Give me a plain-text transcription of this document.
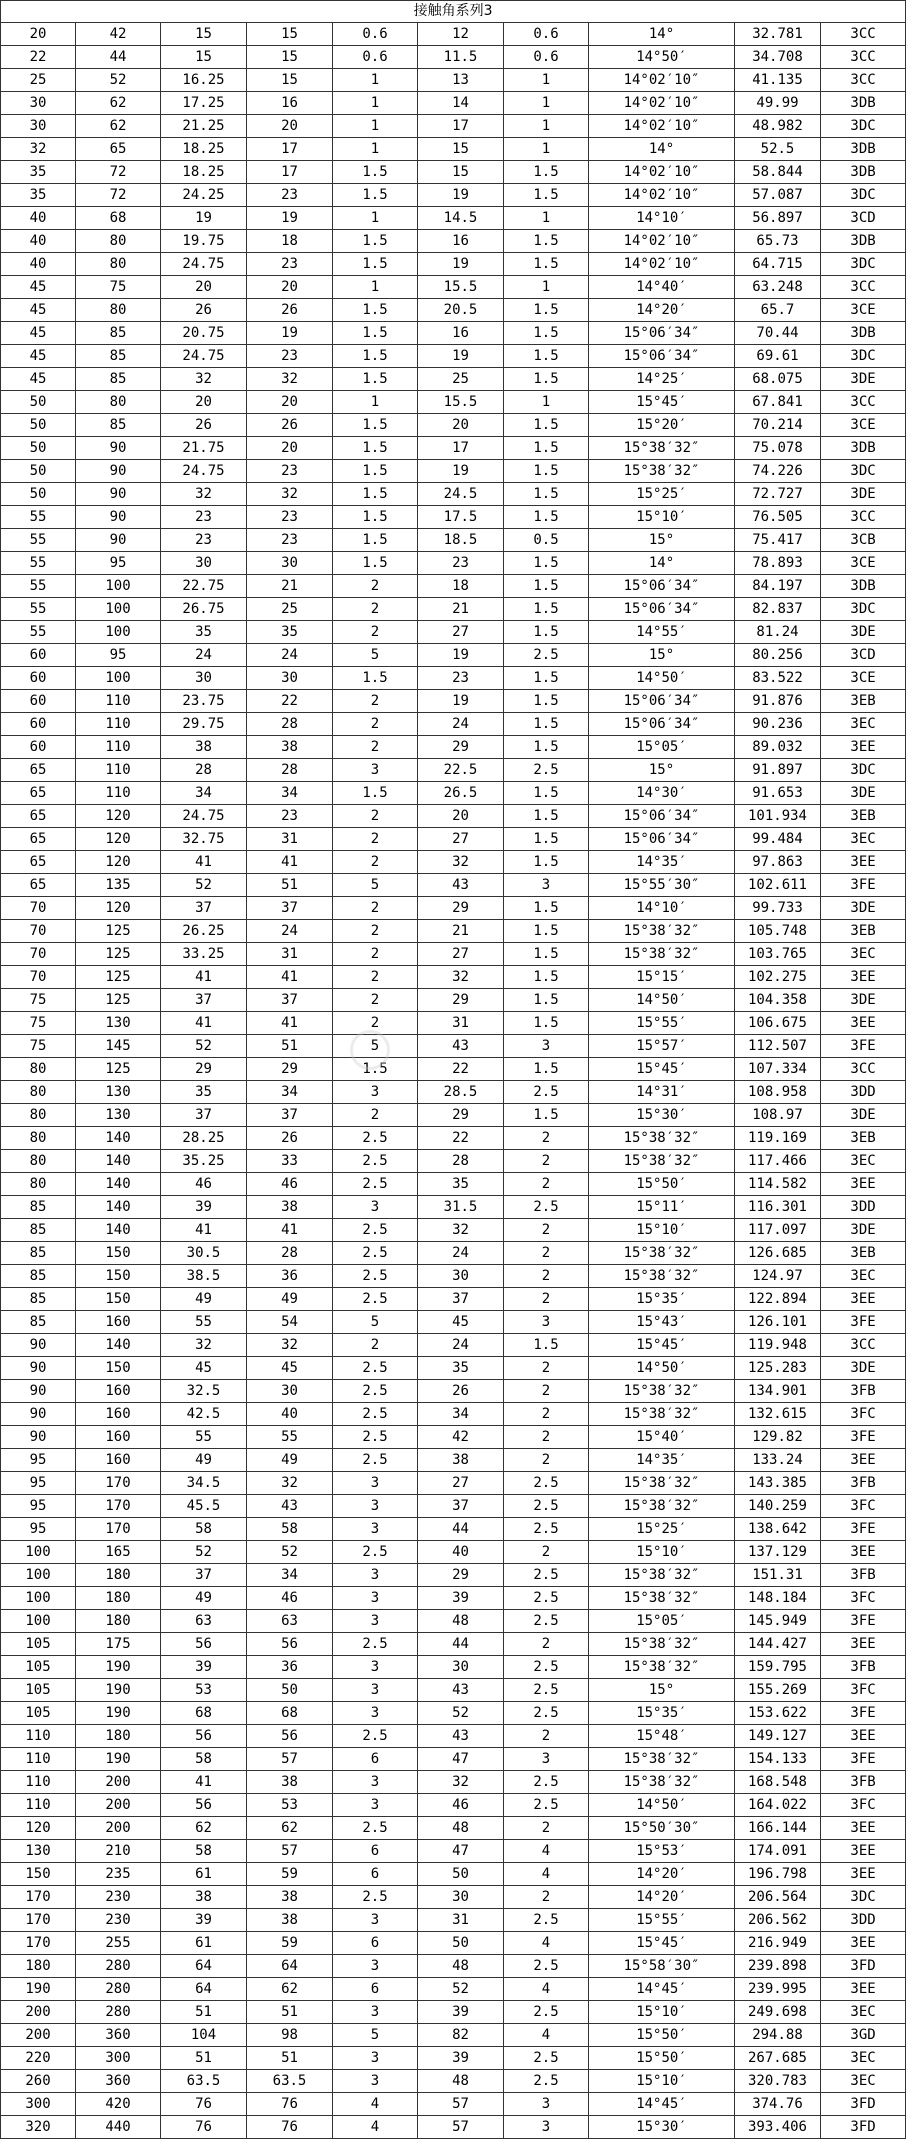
接触角系列3									
20	42	15	15	0.6	12	0.6	14°	32.781	3CC
22	44	15	15	0.6	11.5	0.6	14°50′	34.708	3CC
25	52	16.25	15	1	13	1	14°02′10″	41.135	3CC
30	62	17.25	16	1	14	1	14°02′10″	49.99	3DB
30	62	21.25	20	1	17	1	14°02′10″	48.982	3DC
32	65	18.25	17	1	15	1	14°	52.5	3DB
35	72	18.25	17	1.5	15	1.5	14°02′10″	58.844	3DB
35	72	24.25	23	1.5	19	1.5	14°02′10″	57.087	3DC
40	68	19	19	1	14.5	1	14°10′	56.897	3CD
40	80	19.75	18	1.5	16	1.5	14°02′10″	65.73	3DB
40	80	24.75	23	1.5	19	1.5	14°02′10″	64.715	3DC
45	75	20	20	1	15.5	1	14°40′	63.248	3CC
45	80	26	26	1.5	20.5	1.5	14°20′	65.7	3CE
45	85	20.75	19	1.5	16	1.5	15°06′34″	70.44	3DB
45	85	24.75	23	1.5	19	1.5	15°06′34″	69.61	3DC
45	85	32	32	1.5	25	1.5	14°25′	68.075	3DE
50	80	20	20	1	15.5	1	15°45′	67.841	3CC
50	85	26	26	1.5	20	1.5	15°20′	70.214	3CE
50	90	21.75	20	1.5	17	1.5	15°38′32″	75.078	3DB
50	90	24.75	23	1.5	19	1.5	15°38′32″	74.226	3DC
50	90	32	32	1.5	24.5	1.5	15°25′	72.727	3DE
55	90	23	23	1.5	17.5	1.5	15°10′	76.505	3CC
55	90	23	23	1.5	18.5	0.5	15°	75.417	3CB
55	95	30	30	1.5	23	1.5	14°	78.893	3CE
55	100	22.75	21	2	18	1.5	15°06′34″	84.197	3DB
55	100	26.75	25	2	21	1.5	15°06′34″	82.837	3DC
55	100	35	35	2	27	1.5	14°55′	81.24	3DE
60	95	24	24	5	19	2.5	15°	80.256	3CD
60	100	30	30	1.5	23	1.5	14°50′	83.522	3CE
60	110	23.75	22	2	19	1.5	15°06′34″	91.876	3EB
60	110	29.75	28	2	24	1.5	15°06′34″	90.236	3EC
60	110	38	38	2	29	1.5	15°05′	89.032	3EE
65	110	28	28	3	22.5	2.5	15°	91.897	3DC
65	110	34	34	1.5	26.5	1.5	14°30′	91.653	3DE
65	120	24.75	23	2	20	1.5	15°06′34″	101.934	3EB
65	120	32.75	31	2	27	1.5	15°06′34″	99.484	3EC
65	120	41	41	2	32	1.5	14°35′	97.863	3EE
65	135	52	51	5	43	3	15°55′30″	102.611	3FE
70	120	37	37	2	29	1.5	14°10′	99.733	3DE
70	125	26.25	24	2	21	1.5	15°38′32″	105.748	3EB
70	125	33.25	31	2	27	1.5	15°38′32″	103.765	3EC
70	125	41	41	2	32	1.5	15°15′	102.275	3EE
75	125	37	37	2	29	1.5	14°50′	104.358	3DE
75	130	41	41	2	31	1.5	15°55′	106.675	3EE
75	145	52	51	5	43	3	15°57′	112.507	3FE
80	125	29	29	1.5	22	1.5	15°45′	107.334	3CC
80	130	35	34	3	28.5	2.5	14°31′	108.958	3DD
80	130	37	37	2	29	1.5	15°30′	108.97	3DE
80	140	28.25	26	2.5	22	2	15°38′32″	119.169	3EB
80	140	35.25	33	2.5	28	2	15°38′32″	117.466	3EC
80	140	46	46	2.5	35	2	15°50′	114.582	3EE
85	140	39	38	3	31.5	2.5	15°11′	116.301	3DD
85	140	41	41	2.5	32	2	15°10′	117.097	3DE
85	150	30.5	28	2.5	24	2	15°38′32″	126.685	3EB
85	150	38.5	36	2.5	30	2	15°38′32″	124.97	3EC
85	150	49	49	2.5	37	2	15°35′	122.894	3EE
85	160	55	54	5	45	3	15°43′	126.101	3FE
90	140	32	32	2	24	1.5	15°45′	119.948	3CC
90	150	45	45	2.5	35	2	14°50′	125.283	3DE
90	160	32.5	30	2.5	26	2	15°38′32″	134.901	3FB
90	160	42.5	40	2.5	34	2	15°38′32″	132.615	3FC
90	160	55	55	2.5	42	2	15°40′	129.82	3FE
95	160	49	49	2.5	38	2	14°35′	133.24	3EE
95	170	34.5	32	3	27	2.5	15°38′32″	143.385	3FB
95	170	45.5	43	3	37	2.5	15°38′32″	140.259	3FC
95	170	58	58	3	44	2.5	15°25′	138.642	3FE
100	165	52	52	2.5	40	2	15°10′	137.129	3EE
100	180	37	34	3	29	2.5	15°38′32″	151.31	3FB
100	180	49	46	3	39	2.5	15°38′32″	148.184	3FC
100	180	63	63	3	48	2.5	15°05′	145.949	3FE
105	175	56	56	2.5	44	2	15°38′32″	144.427	3EE
105	190	39	36	3	30	2.5	15°38′32″	159.795	3FB
105	190	53	50	3	43	2.5	15°	155.269	3FC
105	190	68	68	3	52	2.5	15°35′	153.622	3FE
110	180	56	56	2.5	43	2	15°48′	149.127	3EE
110	190	58	57	6	47	3	15°38′32″	154.133	3FE
110	200	41	38	3	32	2.5	15°38′32″	168.548	3FB
110	200	56	53	3	46	2.5	14°50′	164.022	3FC
120	200	62	62	2.5	48	2	15°50′30″	166.144	3EE
130	210	58	57	6	47	4	15°53′	174.091	3EE
150	235	61	59	6	50	4	14°20′	196.798	3EE
170	230	38	38	2.5	30	2	14°20′	206.564	3DC
170	230	39	38	3	31	2.5	15°55′	206.562	3DD
170	255	61	59	6	50	4	15°45′	216.949	3EE
180	280	64	64	3	48	2.5	15°58′30″	239.898	3FD
190	280	64	62	6	52	4	14°45′	239.995	3EE
200	280	51	51	3	39	2.5	15°10′	249.698	3EC
200	360	104	98	5	82	4	15°50′	294.88	3GD
220	300	51	51	3	39	2.5	15°50′	267.685	3EC
260	360	63.5	63.5	3	48	2.5	15°10′	320.783	3EC
300	420	76	76	4	57	3	14°45′	374.76	3FD
320	440	76	76	4	57	3	15°30′	393.406	3FD
